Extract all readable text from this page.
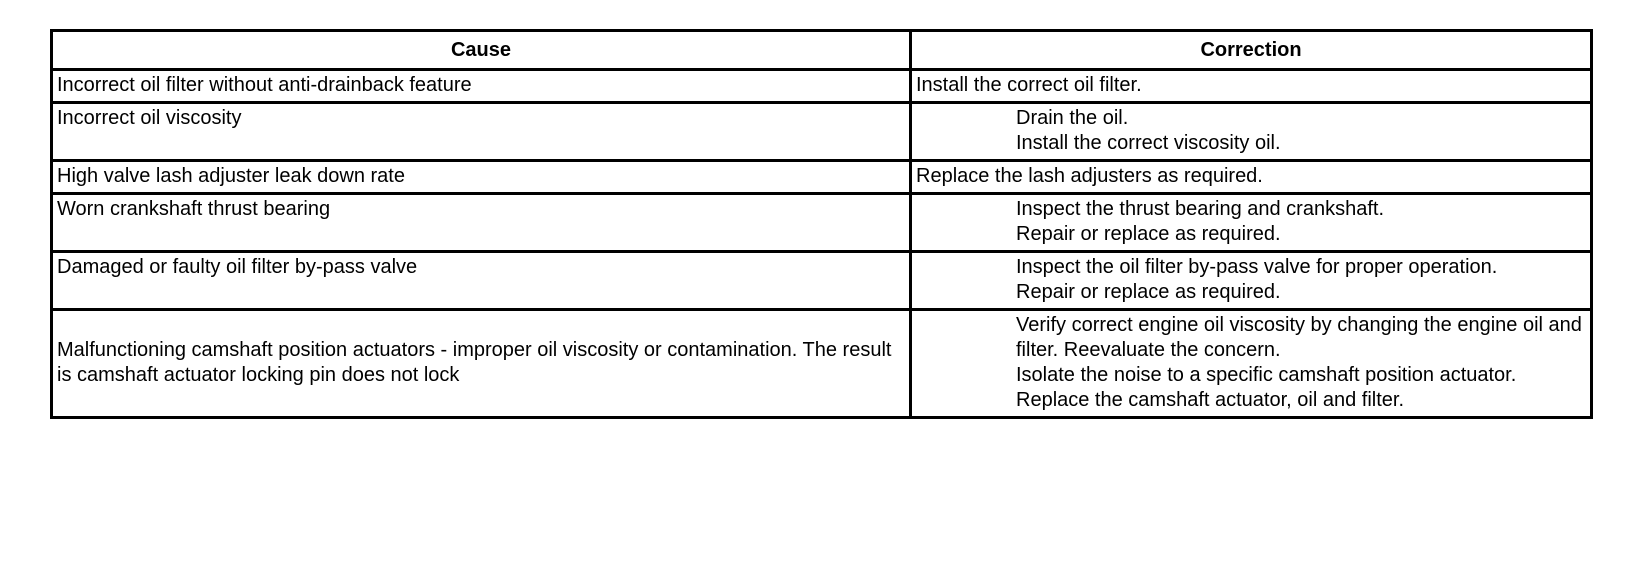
Cause	Correction
Incorrect oil filter without anti-drainback feature	Install the correct oil filter.

Incorrect oil viscosity	Drain the oil.
Install the correct viscosity oil.

High valve lash adjuster leak down rate	Replace the lash adjusters as required.

Worn crankshaft thrust bearing	Inspect the thrust bearing and crankshaft.
Repair or replace as required.

Damaged or faulty oil filter by-pass valve	Inspect the oil filter by-pass valve for proper operation.
Repair or replace as required.

Malfunctioning camshaft position actuators - improper oil viscosity or contamination. The result is camshaft actuator locking pin does not lock	Verify correct engine oil viscosity by changing the engine oil and filter. Reevaluate the concern.
Isolate the noise to a specific camshaft position actuator.
Replace the camshaft actuator, oil and filter.
